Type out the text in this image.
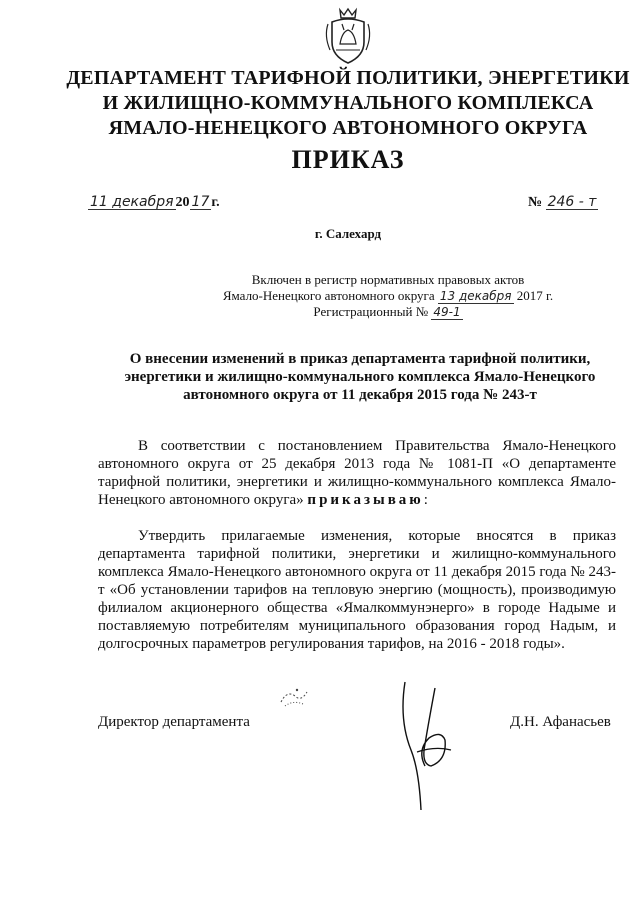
ДЕПАРТАМЕНТ ТАРИФНОЙ ПОЛИТИКИ, ЭНЕРГЕТИКИ
И ЖИЛИЩНО-КОММУНАЛЬНОГО КОМПЛЕКСА
ЯМАЛО-НЕНЕЦКОГО АВТОНОМНОГО ОКРУГА
ПРИКАЗ
11 декабря 20 17 г.	№ 246 - т
г. Салехард
Включен в регистр нормативных правовых актов
Ямало-Ненецкого автономного округа 13 декабря 2017 г.
Регистрационный № 49-1
О внесении изменений в приказ департамента тарифной политики, энергетики и жилищно-коммунального комплекса Ямало-Ненецкого автономного округа от 11 декабря 2015 года № 243-т
В соответствии с постановлением Правительства Ямало-Ненецкого автономного округа от 25 декабря 2013 года № 1081-П «О департаменте тарифной политики, энергетики и жилищно-коммунального комплекса Ямало-Ненецкого автономного округа» приказываю:
Утвердить прилагаемые изменения, которые вносятся в приказ департамента тарифной политики, энергетики и жилищно-коммунального комплекса Ямало-Ненецкого автономного округа от 11 декабря 2015 года № 243-т «Об установлении тарифов на тепловую энергию (мощность), производимую филиалом акционерного общества «Ямалкоммунэнерго» в городе Надыме и поставляемую потребителям муниципального образования город Надым, и долгосрочных параметров регулирования тарифов, на 2016 - 2018 годы».
Директор департамента	Д.Н. Афанасьев
